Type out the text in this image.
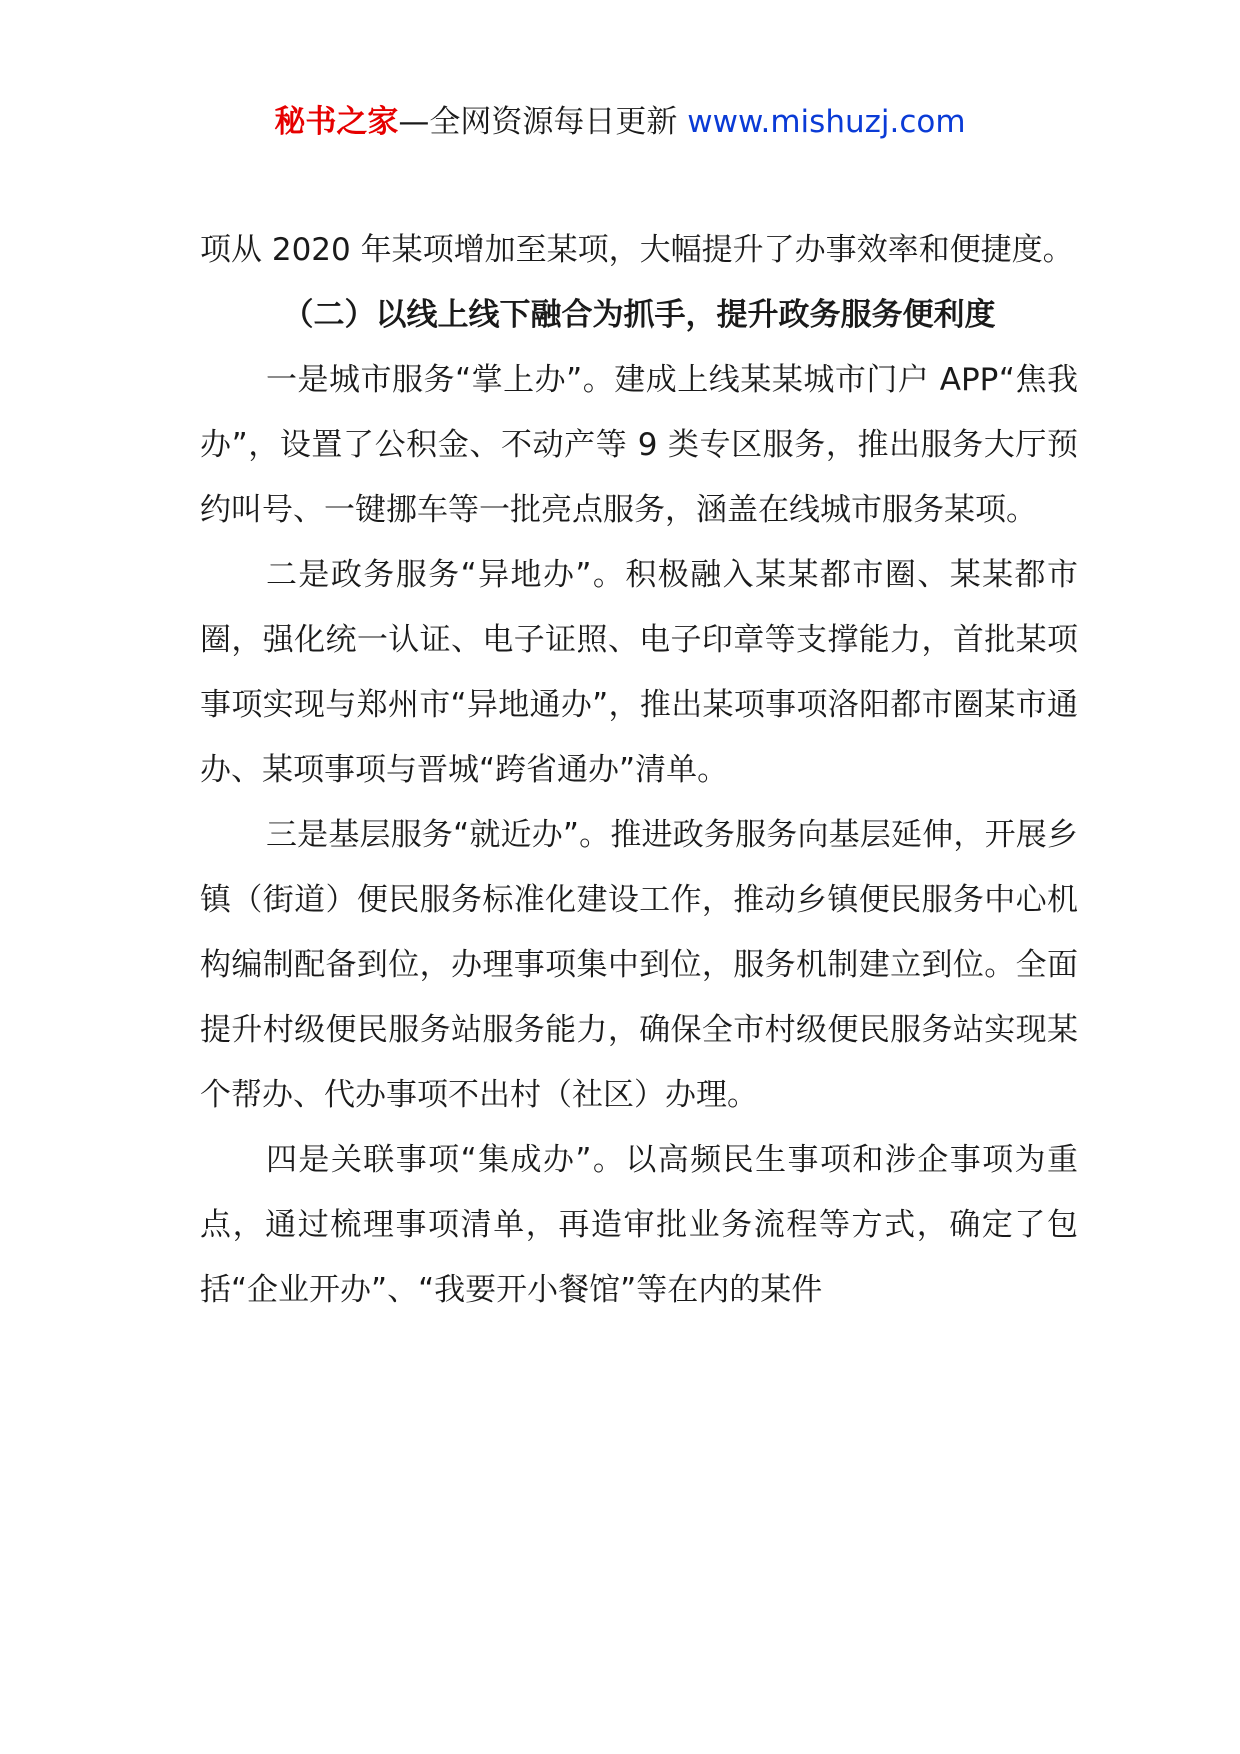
秘书之家—全网资源每日更新 www.mishuzj.com

项从 2020 年某项增加至某项，大幅提升了办事效率和便捷度。

（二）以线上线下融合为抓手，提升政务服务便利度

一是城市服务“掌上办”。建成上线某某城市门户 APP“焦我办”，设置了公积金、不动产等 9 类专区服务，推出服务大厅预约叫号、一键挪车等一批亮点服务，涵盖在线城市服务某项。

二是政务服务“异地办”。积极融入某某都市圈、某某都市圈，强化统一认证、电子证照、电子印章等支撑能力，首批某项事项实现与郑州市“异地通办”，推出某项事项洛阳都市圈某市通办、某项事项与晋城“跨省通办”清单。

三是基层服务“就近办”。推进政务服务向基层延伸，开展乡镇（街道）便民服务标准化建设工作，推动乡镇便民服务中心机构编制配备到位，办理事项集中到位，服务机制建立到位。全面提升村级便民服务站服务能力，确保全市村级便民服务站实现某个帮办、代办事项不出村（社区）办理。

四是关联事项“集成办”。以高频民生事项和涉企事项为重点，通过梳理事项清单，再造审批业务流程等方式，确定了包括“企业开办”、“我要开小餐馆”等在内的某件
